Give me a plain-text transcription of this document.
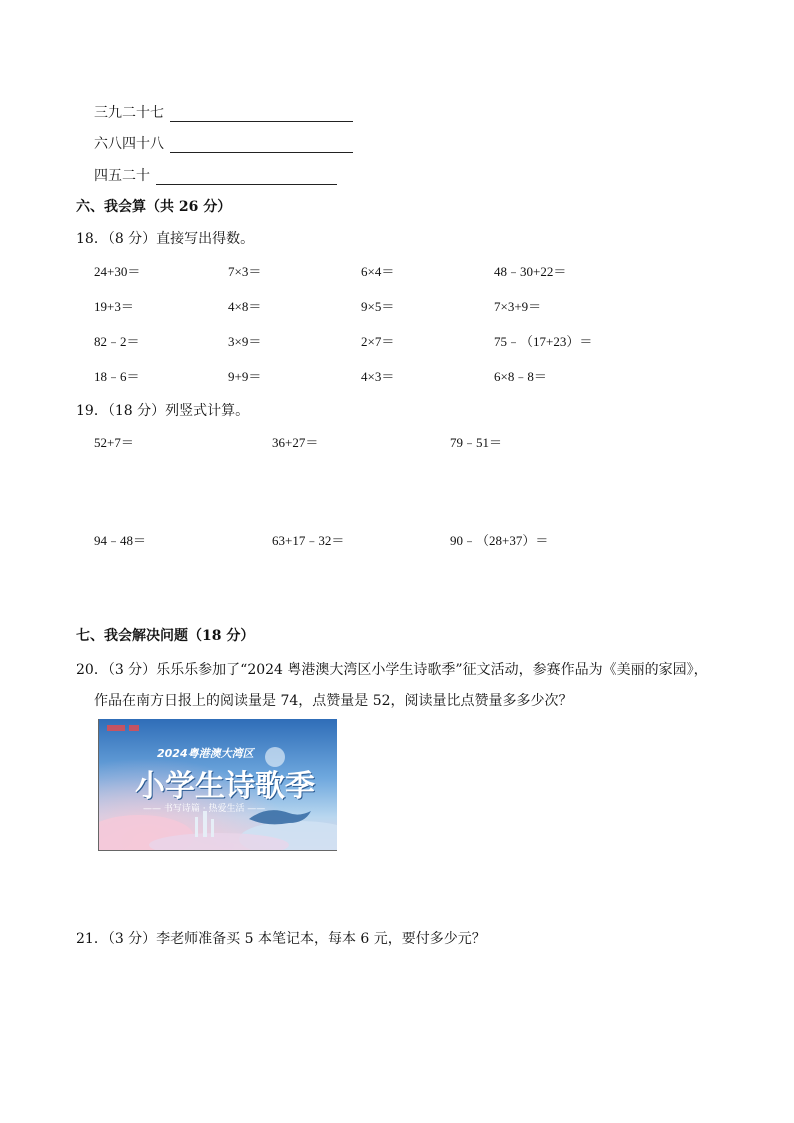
三九二十七
六八四十八
四五二十
六、我会算（共 26 分）
18．（8 分）直接写出得数。
24+30＝	7×3＝	6×4＝	48﹣30+22＝
19+3＝	4×8＝	9×5＝	7×3+9＝
82﹣2＝	3×9＝	2×7＝	75﹣（17+23）＝
18﹣6＝	9+9＝	4×3＝	6×8﹣8＝
19．（18 分）列竖式计算。
52+7＝	36+27＝	79﹣51＝
94﹣48＝	63+17﹣32＝	90﹣（28+37）＝
七、我会解决问题（18 分）
20．（3 分）乐乐乐参加了“2024 粤港澳大湾区小学生诗歌季”征文活动，参赛作品为《美丽的家园》，
作品在南方日报上的阅读量是 74，点赞量是 52，阅读量比点赞量多多少次？
2024粤港澳大湾区
小学生诗歌季
—— 书写诗篇 · 热爱生活 ——
21．（3 分）李老师准备买 5 本笔记本，每本 6 元，要付多少元？
